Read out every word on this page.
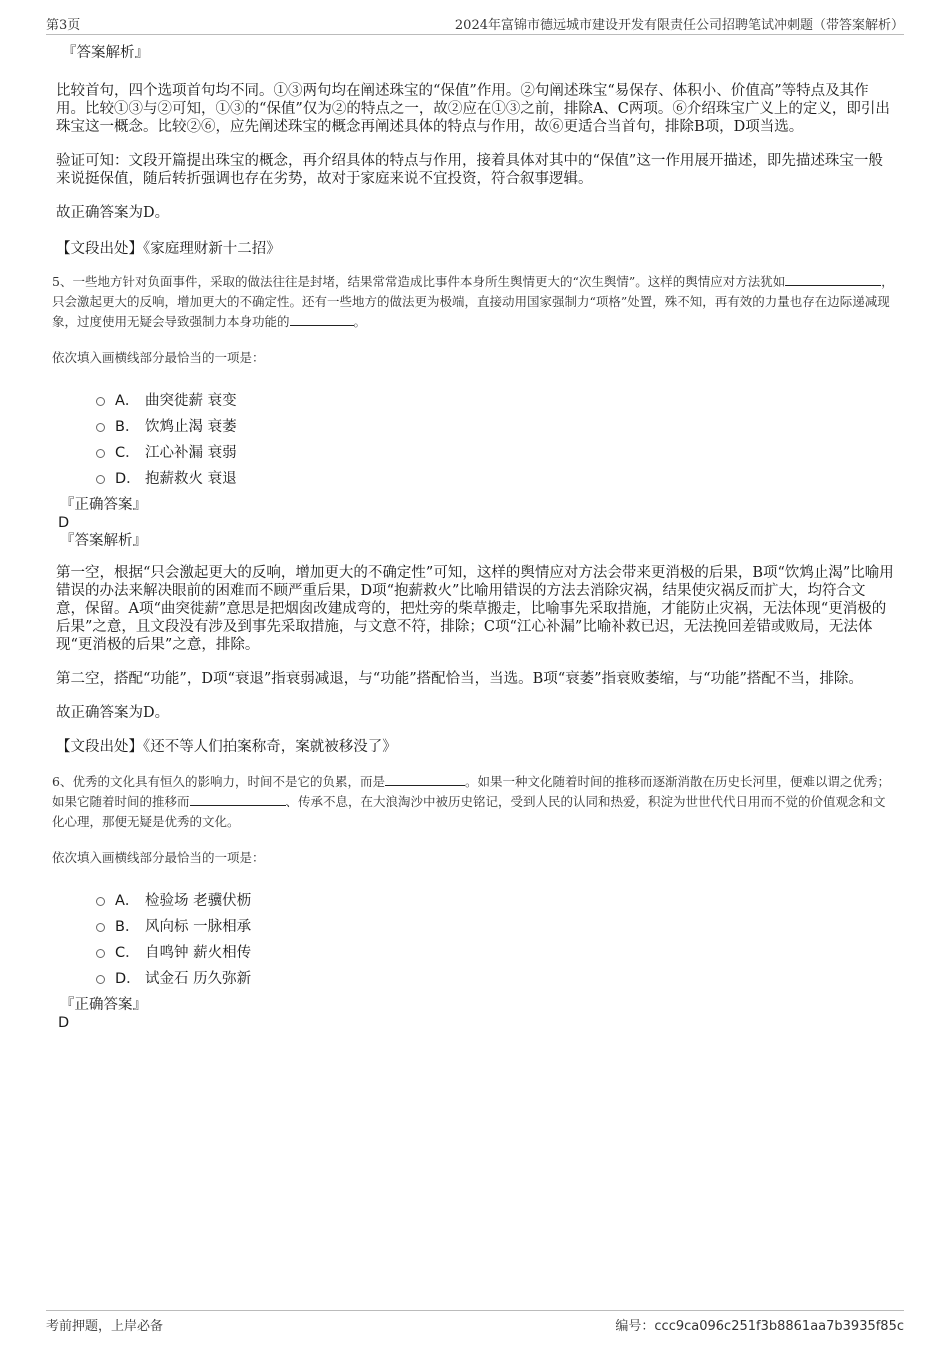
第3页	2024年富锦市德远城市建设开发有限责任公司招聘笔试冲刺题（带答案解析）

『答案解析』

比较首句，四个选项首句均不同。①③两句均在阐述珠宝的“保值”作用。②句阐述珠宝“易保存、体积小、价值高”等特点及其作用。比较①③与②可知，①③的“保值”仅为②的特点之一，故②应在①③之前，排除A、C两项。⑥介绍珠宝广义上的定义，即引出珠宝这一概念。比较②⑥，应先阐述珠宝的概念再阐述具体的特点与作用，故⑥更适合当首句，排除B项，D项当选。

验证可知：文段开篇提出珠宝的概念，再介绍具体的特点与作用，接着具体对其中的“保值”这一作用展开描述，即先描述珠宝一般来说挺保值，随后转折强调也存在劣势，故对于家庭来说不宜投资，符合叙事逻辑。

故正确答案为D。

【文段出处】《家庭理财新十二招》

5、一些地方针对负面事件，采取的做法往往是封堵，结果常常造成比事件本身所生舆情更大的“次生舆情”。这样的舆情应对方法犹如	，只会激起更大的反响，增加更大的不确定性。还有一些地方的做法更为极端，直接动用国家强制力“项格”处置，殊不知，再有效的力量也存在边际递减现象，过度使用无疑会导致强制力本身功能的	。

依次填入画横线部分最恰当的一项是：

A． 曲突徙薪 衰变
B． 饮鸩止渴 衰萎
C． 江心补漏 衰弱
D． 抱薪救火 衰退

『正确答案』

D

『答案解析』

第一空，根据“只会激起更大的反响，增加更大的不确定性”可知，这样的舆情应对方法会带来更消极的后果，B项“饮鸩止渴”比喻用错误的办法来解决眼前的困难而不顾严重后果，D项“抱薪救火”比喻用错误的方法去消除灾祸，结果使灾祸反而扩大，均符合文意，保留。A项“曲突徙薪”意思是把烟囱改建成弯的，把灶旁的柴草搬走，比喻事先采取措施，才能防止灾祸，无法体现“更消极的后果”之意，且文段没有涉及到事先采取措施，与文意不符，排除；C项“江心补漏”比喻补救已迟，无法挽回差错或败局，无法体现“更消极的后果”之意，排除。

第二空，搭配“功能”，D项“衰退”指衰弱减退，与“功能”搭配恰当，当选。B项“衰萎”指衰败萎缩，与“功能”搭配不当，排除。

故正确答案为D。

【文段出处】《还不等人们拍案称奇，案就被移没了》

6、优秀的文化具有恒久的影响力，时间不是它的负累，而是	。如果一种文化随着时间的推移而逐渐消散在历史长河里，便难以谓之优秀；如果它随着时间的推移而	、传承不息，在大浪淘沙中被历史铭记，受到人民的认同和热爱，积淀为世世代代日用而不觉的价值观念和文化心理，那便无疑是优秀的文化。

依次填入画横线部分最恰当的一项是：

A． 检验场 老骥伏枥
B． 风向标 一脉相承
C． 自鸣钟 薪火相传
D． 试金石 历久弥新

『正确答案』

D

考前押题，上岸必备	编号：ccc9ca096c251f3b8861aa7b3935f85c
